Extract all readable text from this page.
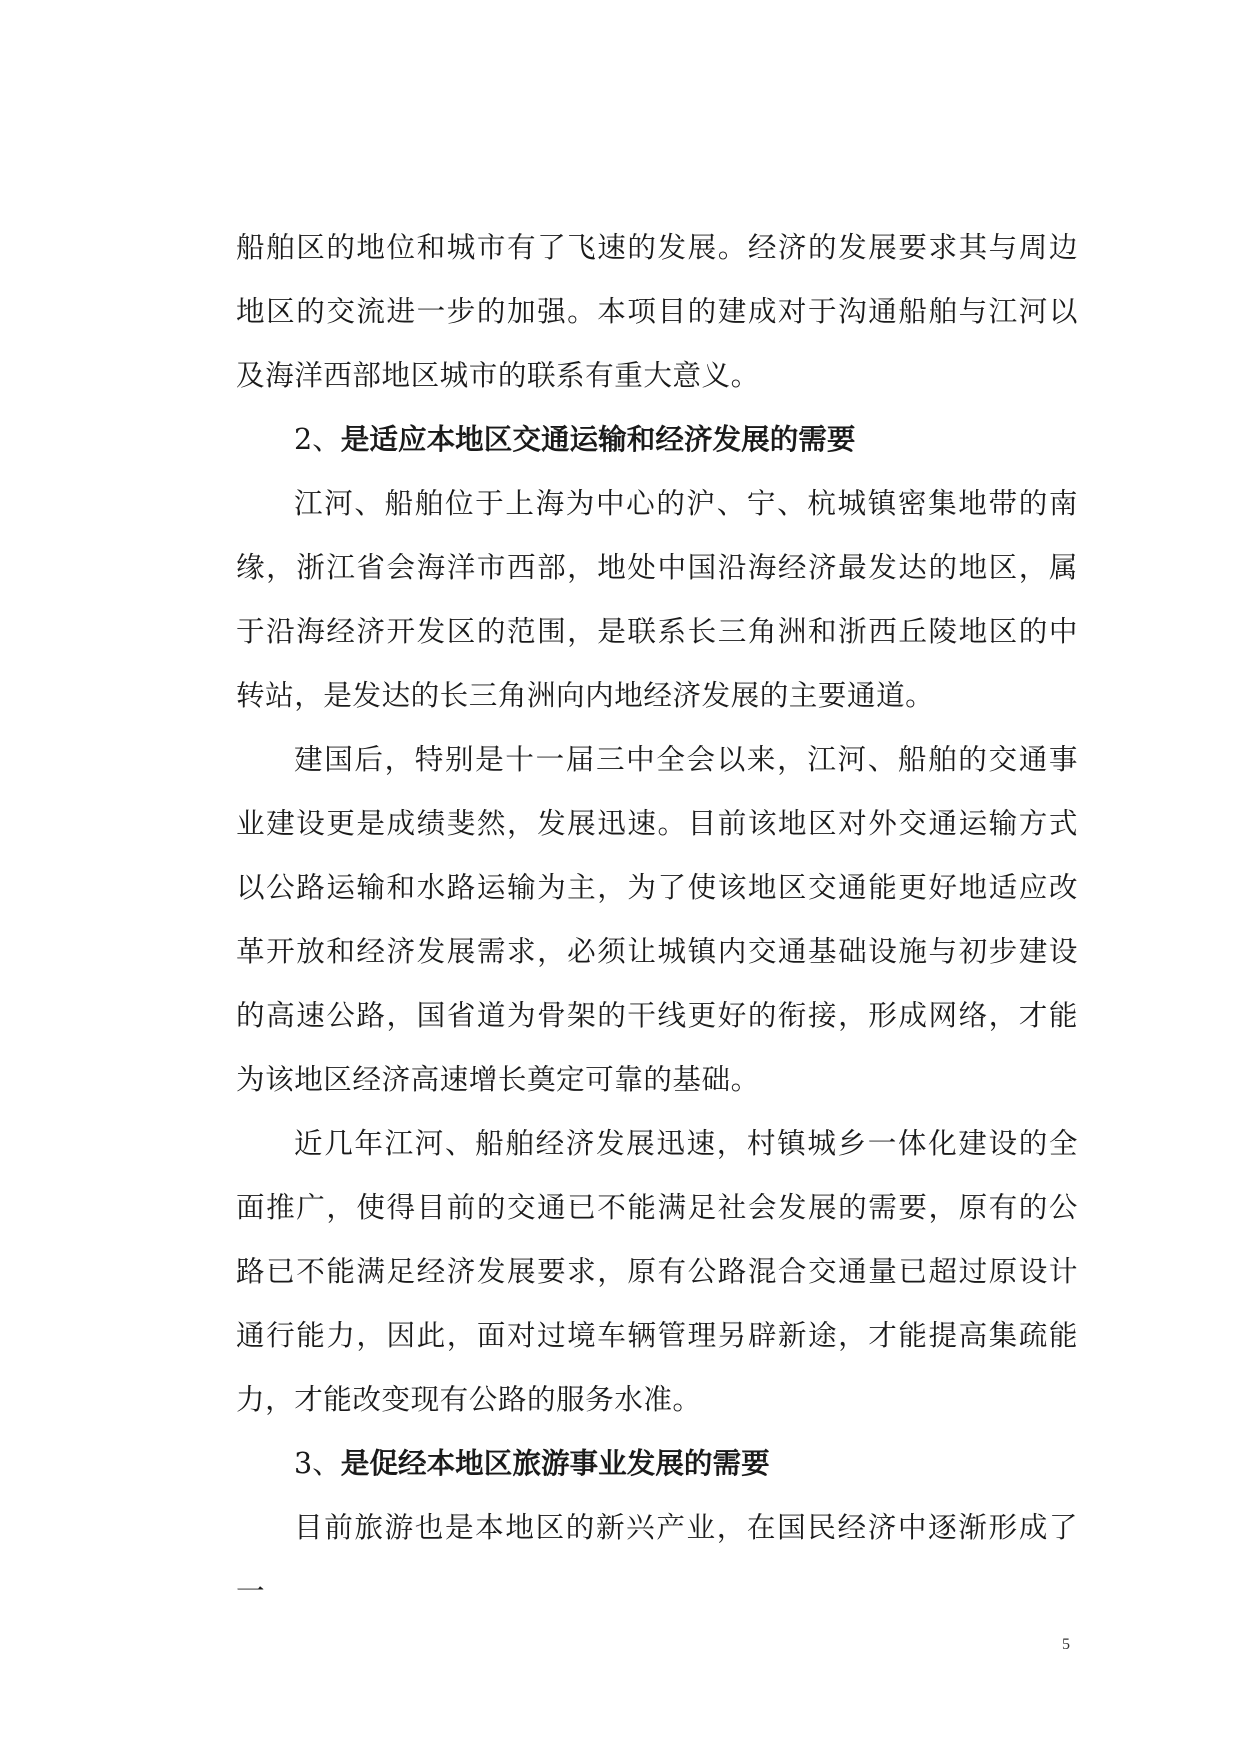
船舶区的地位和城市有了飞速的发展。经济的发展要求其与周边地区的交流进一步的加强。本项目的建成对于沟通船舶与江河以及海洋西部地区城市的联系有重大意义。

2、是适应本地区交通运输和经济发展的需要

江河、船舶位于上海为中心的沪、宁、杭城镇密集地带的南缘，浙江省会海洋市西部，地处中国沿海经济最发达的地区，属于沿海经济开发区的范围，是联系长三角洲和浙西丘陵地区的中转站，是发达的长三角洲向内地经济发展的主要通道。

建国后，特别是十一届三中全会以来，江河、船舶的交通事业建设更是成绩斐然，发展迅速。目前该地区对外交通运输方式以公路运输和水路运输为主，为了使该地区交通能更好地适应改革开放和经济发展需求，必须让城镇内交通基础设施与初步建设的高速公路，国省道为骨架的干线更好的衔接，形成网络，才能为该地区经济高速增长奠定可靠的基础。

近几年江河、船舶经济发展迅速，村镇城乡一体化建设的全面推广，使得目前的交通已不能满足社会发展的需要，原有的公路已不能满足经济发展要求，原有公路混合交通量已超过原设计通行能力，因此，面对过境车辆管理另辟新途，才能提高集疏能力，才能改变现有公路的服务水准。

3、是促经本地区旅游事业发展的需要

目前旅游也是本地区的新兴产业，在国民经济中逐渐形成了一

5
